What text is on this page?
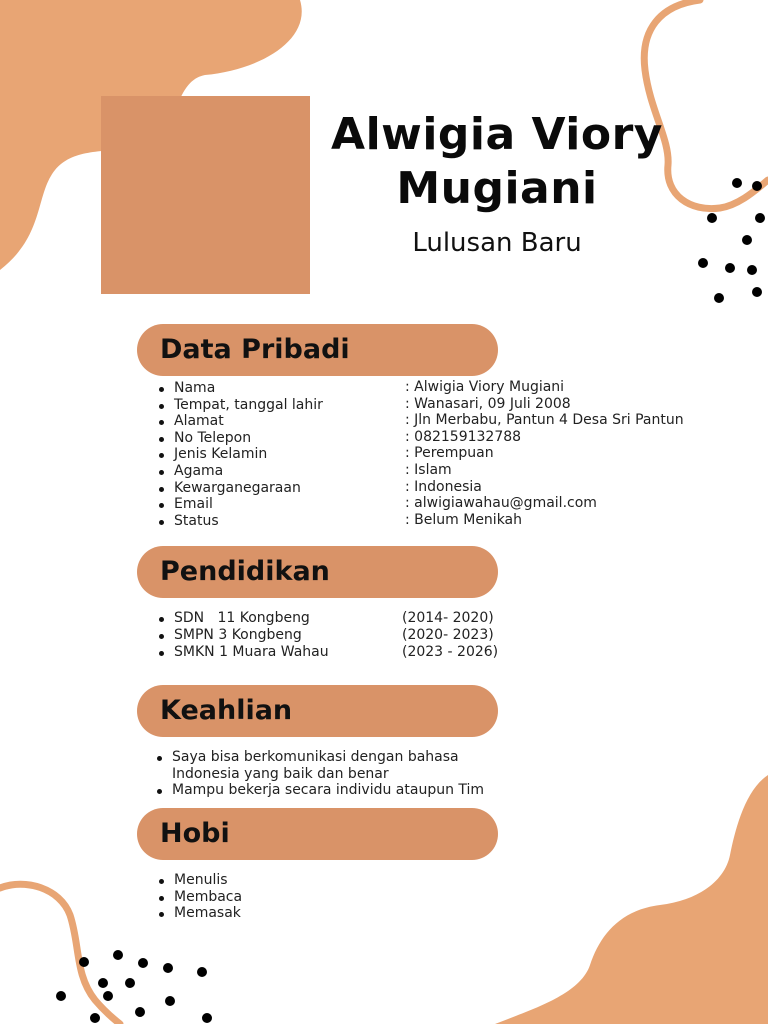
Alwigia Viory
Mugiani
Lulusan Baru
Data Pribadi
Nama
Tempat, tanggal lahir
Alamat
No Telepon
Jenis Kelamin
Agama
Kewarganegaraan
Email
Status
: Alwigia Viory Mugiani
: Wanasari, 09 Juli 2008
: Jln Merbabu, Pantun 4 Desa Sri Pantun
: 082159132788
: Perempuan
: Islam
: Indonesia
: alwigiawahau@gmail.com
: Belum Menikah
Pendidikan
SDN   11 Kongbeng
SMPN 3 Kongbeng
SMKN 1 Muara Wahau
(2014- 2020)
(2020- 2023)
(2023 - 2026)
Keahlian
Saya bisa berkomunikasi dengan bahasa Indonesia yang baik dan benar
Mampu bekerja secara individu ataupun Tim
Hobi
Menulis
Membaca
Memasak
